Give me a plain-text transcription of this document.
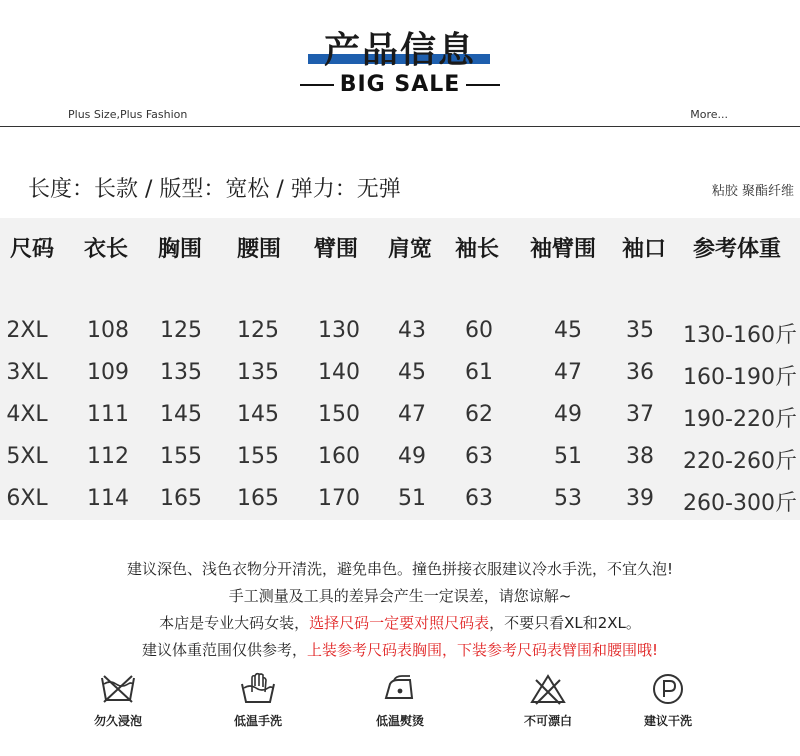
产品信息
BIG SALE
Plus Size,Plus Fashion	More...
长度：长款 / 版型：宽松 / 弹力：无弹	粘胶 聚酯纤维
尺码 衣长 胸围 腰围 臂围 肩宽 袖长 袖臂围 袖口 参考体重
2XL 108 125 125 130 43 60	45 35 130-160斤
3XL 109 135 135 140 45 61	47 36 160-190斤
4XL 111 145 145 150 47 62	49 37 190-220斤
5XL 112 155 155 160 49 63	51 38 220-260斤
6XL 114 165 165 170 51 63	53 39 260-300斤
建议深色、浅色衣物分开清洗，避免串色。撞色拼接衣服建议冷水手洗，不宜久泡!
手工测量及工具的差异会产生一定误差，请您谅解~
本店是专业大码女装，选择尺码一定要对照尺码表，不要只看XL和2XL。
建议体重范围仅供参考，上装参考尺码表胸围，下装参考尺码表臂围和腰围哦!
勿久浸泡	低温手洗	低温熨烫	不可漂白	建议干洗
